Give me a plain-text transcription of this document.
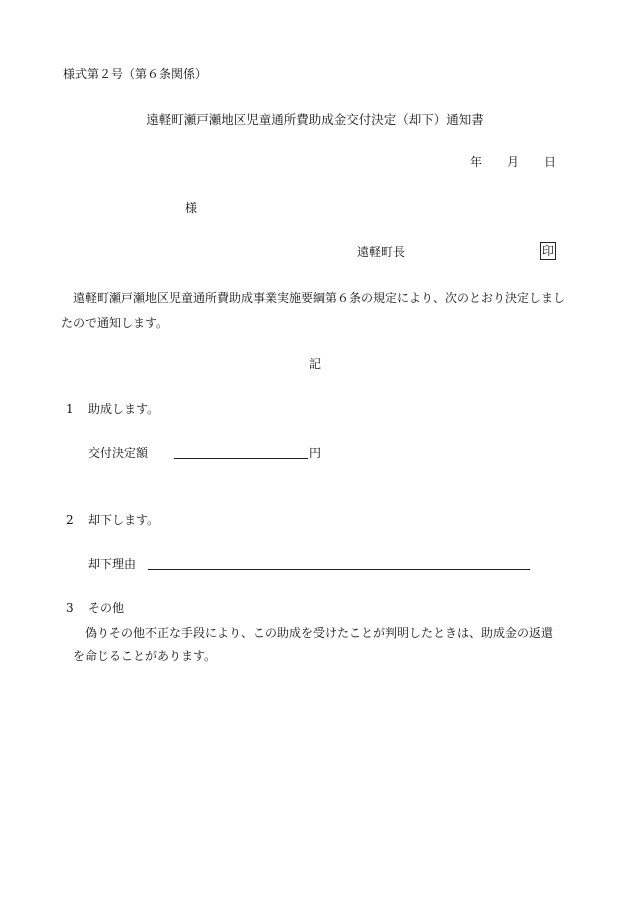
様式第２号（第６条関係）
遠軽町瀬戸瀬地区児童通所費助成金交付決定（却下）通知書
年 月 日
様
遠軽町長	印
遠軽町瀬戸瀬地区児童通所費助成事業実施要綱第６条の規定により、次のとおり決定しましたので通知します。
記
1 助成します。
交付決定額	円
2 却下します。
却下理由
3 その他
偽りその他不正な手段により、この助成を受けたことが判明したときは、助成金の返還を命じることがあります。
